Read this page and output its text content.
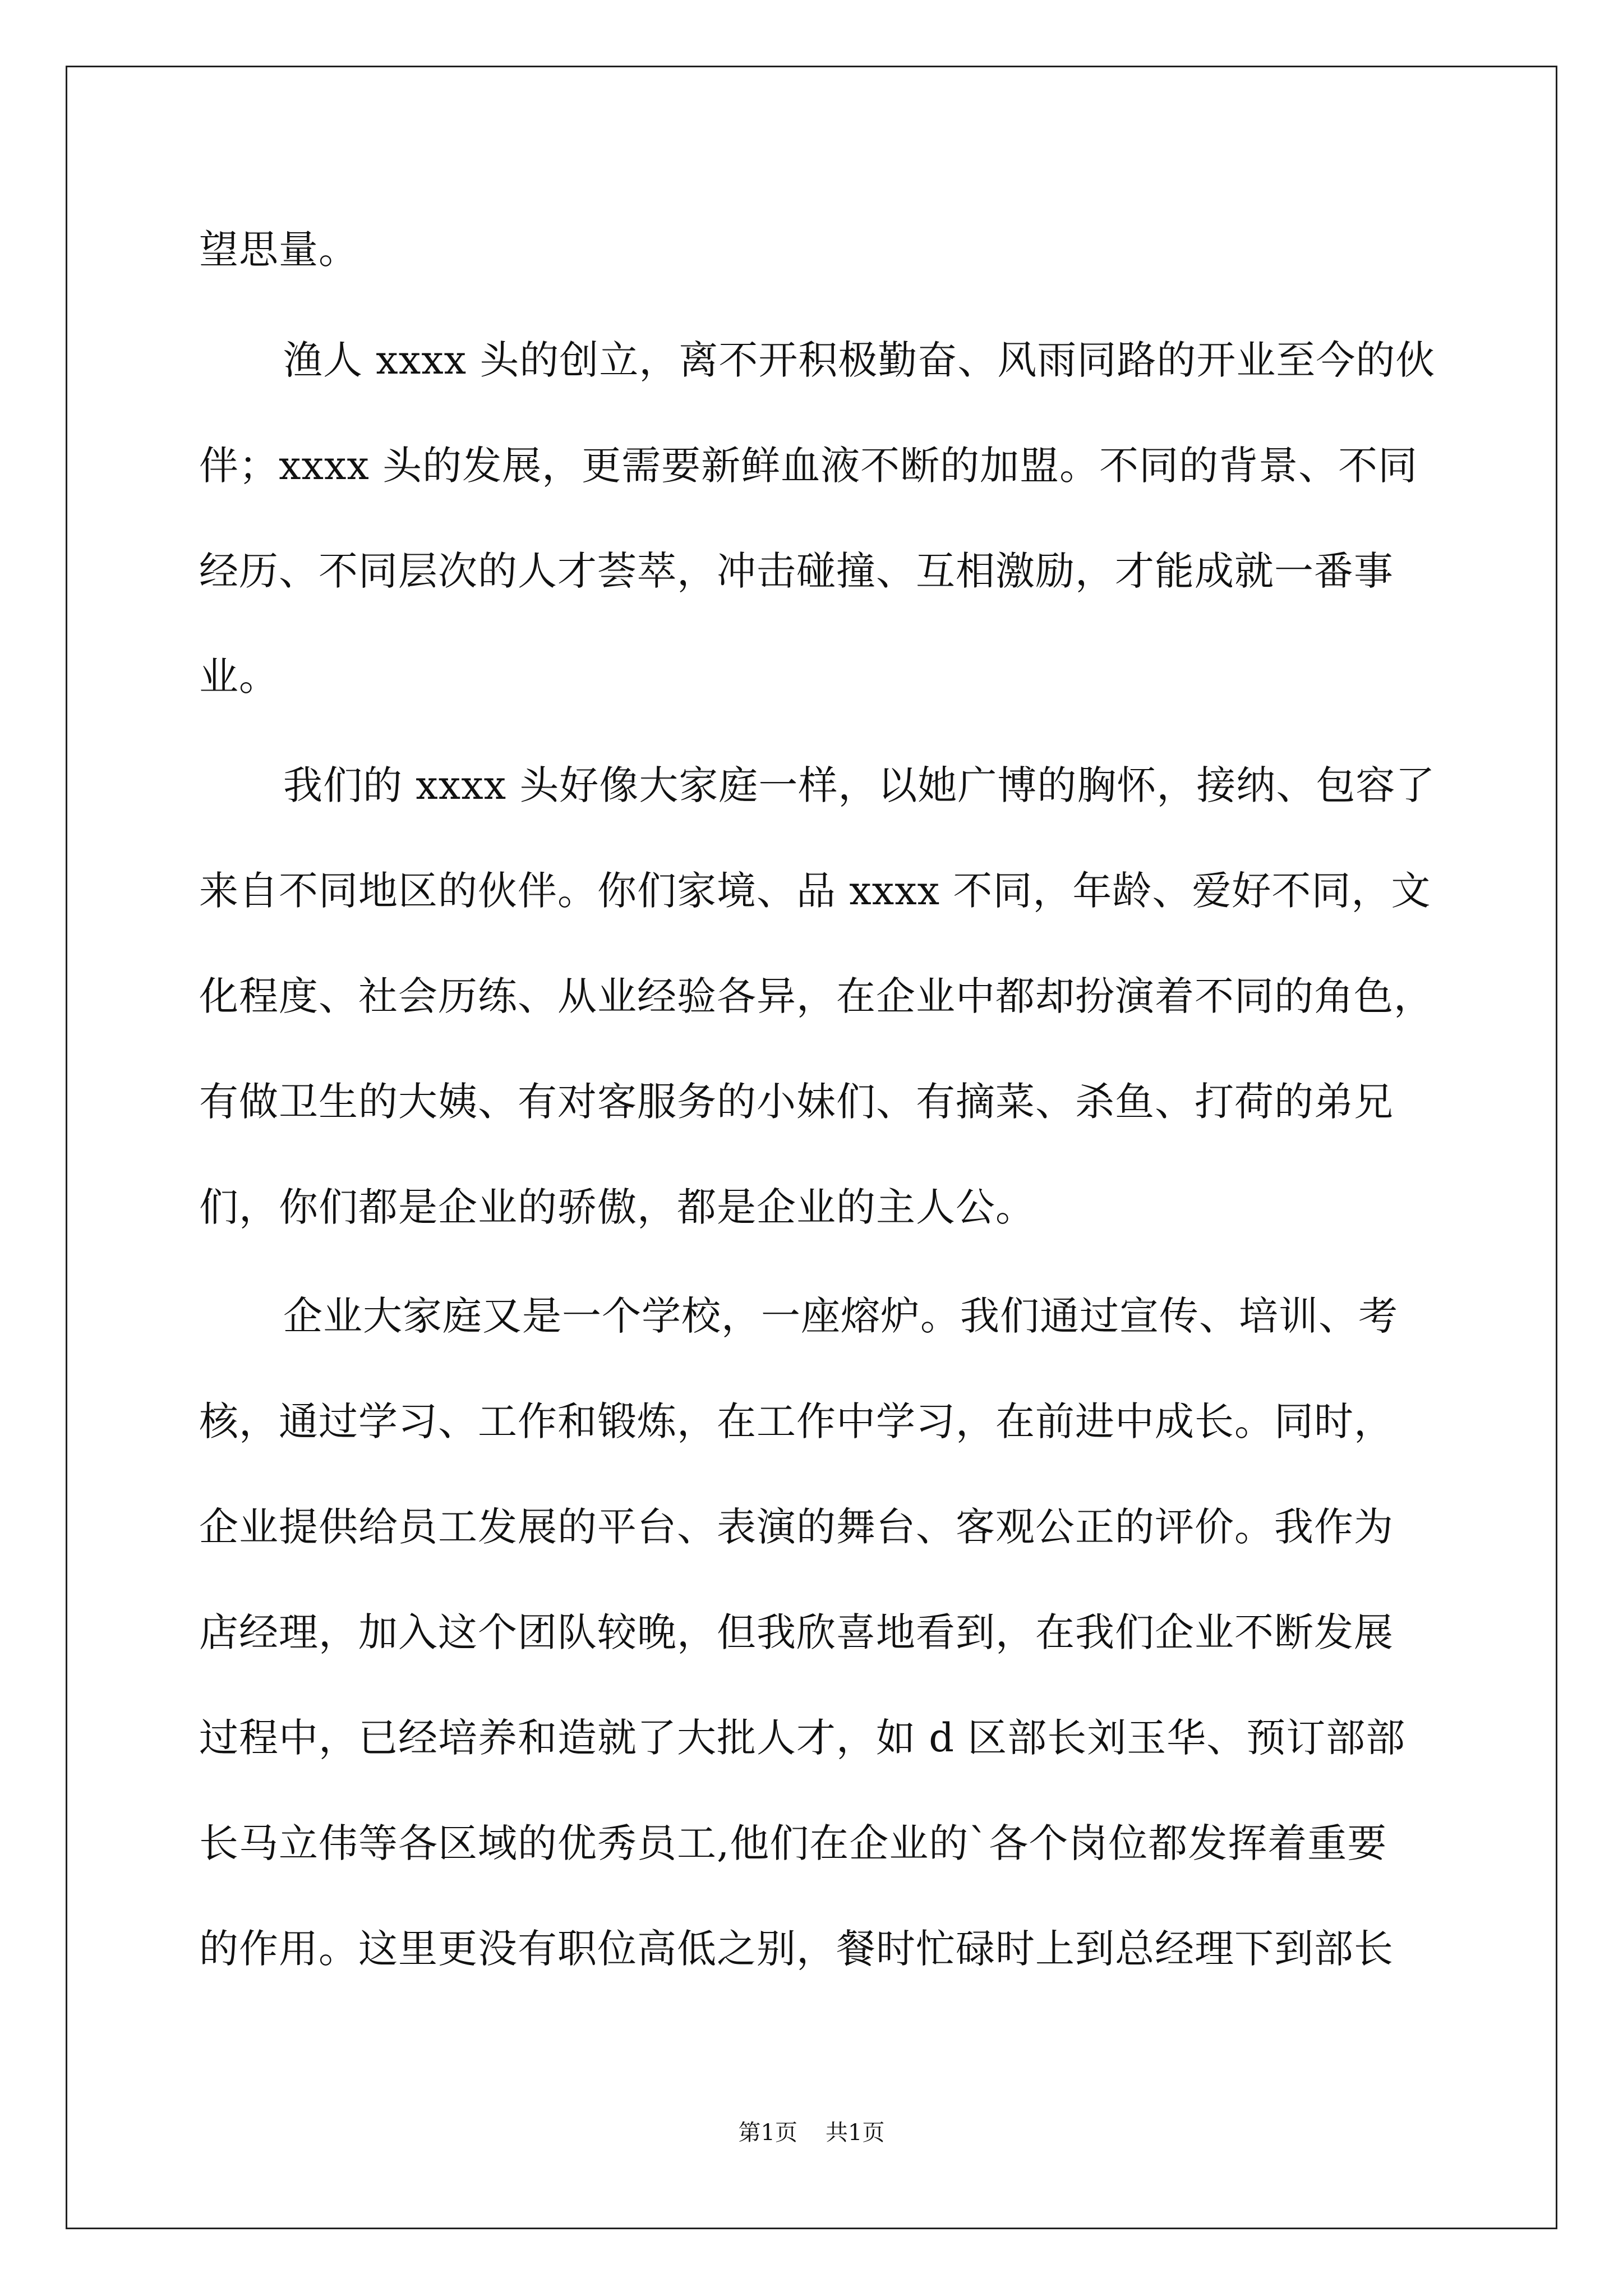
望思量。

渔人 xxxx 头的创立，离不开积极勤奋、风雨同路的开业至今的伙

伴；xxxx 头的发展，更需要新鲜血液不断的加盟。不同的背景、不同

经历、不同层次的人才荟萃，冲击碰撞、互相激励，才能成就一番事

业。

我们的 xxxx 头好像大家庭一样，以她广博的胸怀，接纳、包容了

来自不同地区的伙伴。你们家境、品 xxxx 不同，年龄、爱好不同，文

化程度、社会历练、从业经验各异，在企业中都却扮演着不同的角色，

有做卫生的大姨、有对客服务的小妹们、有摘菜、杀鱼、打荷的弟兄

们，你们都是企业的骄傲，都是企业的主人公。

企业大家庭又是一个学校，一座熔炉。我们通过宣传、培训、考

核，通过学习、工作和锻炼，在工作中学习，在前进中成长。同时，

企业提供给员工发展的平台、表演的舞台、客观公正的评价。我作为

店经理，加入这个团队较晚，但我欣喜地看到，在我们企业不断发展

过程中，已经培养和造就了大批人才，如 d 区部长刘玉华、预订部部

长马立伟等各区域的优秀员工,他们在企业的`各个岗位都发挥着重要

的作用。这里更没有职位高低之别，餐时忙碌时上到总经理下到部长

第1页 共1页
